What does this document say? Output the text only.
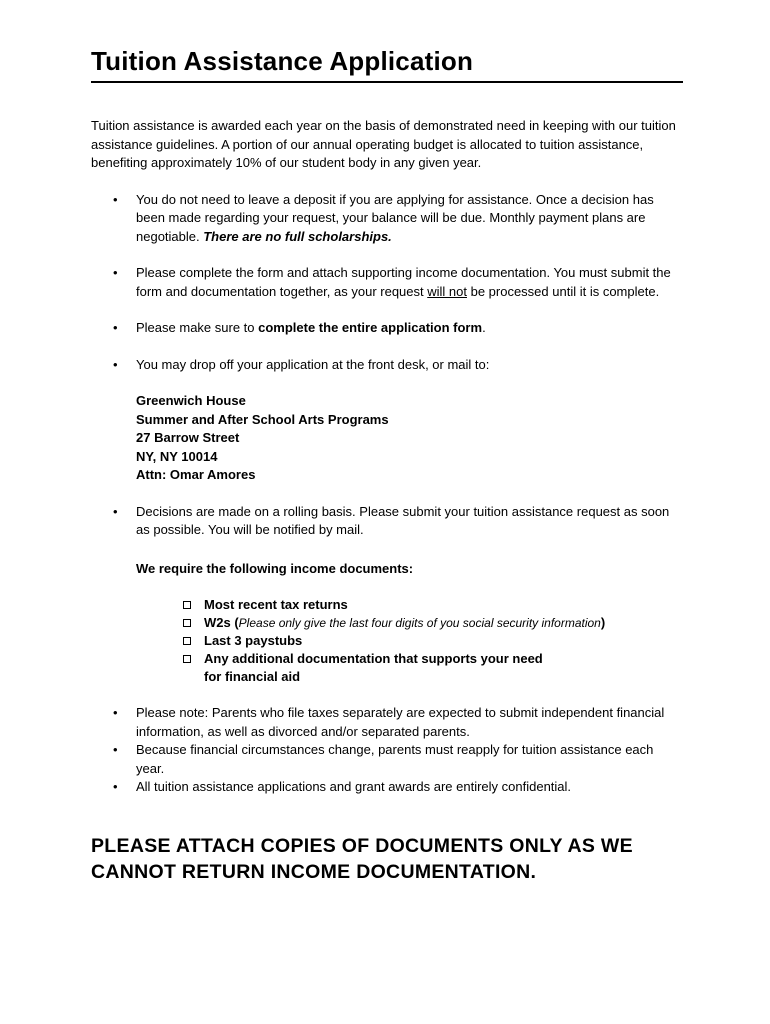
Tuition Assistance Application

Tuition assistance is awarded each year on the basis of demonstrated need in keeping with our tuition assistance guidelines. A portion of our annual operating budget is allocated to tuition assistance, benefiting approximately 10% of our student body in any given year.

• You do not need to leave a deposit if you are applying for assistance. Once a decision has been made regarding your request, your balance will be due. Monthly payment plans are negotiable. There are no full scholarships.
• Please complete the form and attach supporting income documentation. You must submit the form and documentation together, as your request will not be processed until it is complete.
• Please make sure to complete the entire application form.
• You may drop off your application at the front desk, or mail to:
Greenwich House
Summer and After School Arts Programs
27 Barrow Street
NY, NY 10014
Attn: Omar Amores
• Decisions are made on a rolling basis. Please submit your tuition assistance request as soon as possible. You will be notified by mail.
We require the following income documents:
Most recent tax returns
W2s (Please only give the last four digits of you social security information)
Last 3 paystubs
Any additional documentation that supports your need
for financial aid
• Please note: Parents who file taxes separately are expected to submit independent financial information, as well as divorced and/or separated parents.
• Because financial circumstances change, parents must reapply for tuition assistance each year.
• All tuition assistance applications and grant awards are entirely confidential.
PLEASE ATTACH COPIES OF DOCUMENTS ONLY AS WE
CANNOT RETURN INCOME DOCUMENTATION.
